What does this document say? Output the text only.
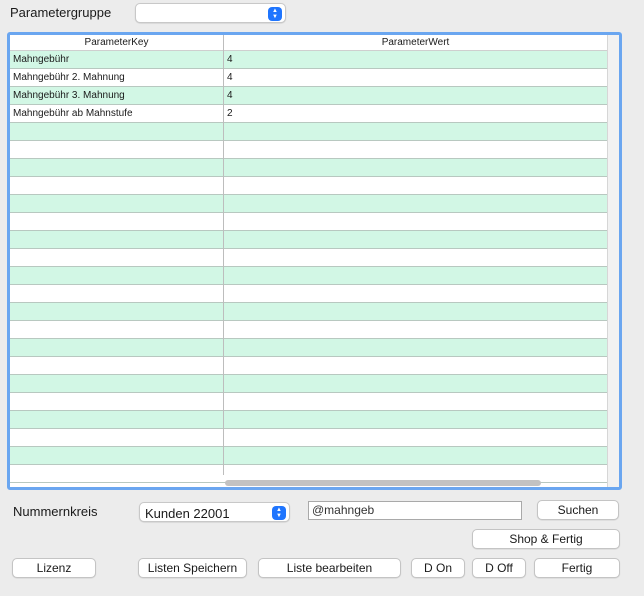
Parametergruppe	▲
▼
ParameterKey	ParameterWert
Mahngebühr	4
Mahngebühr 2. Mahnung	4
Mahngebühr 3. Mahnung	4
Mahngebühr ab Mahnstufe	2
Nummernkreis	Kunden 22001	▲
▼	@mahngeb	Suchen
Shop & Fertig
Lizenz	Listen Speichern	Liste bearbeiten	D On	D Off	Fertig
